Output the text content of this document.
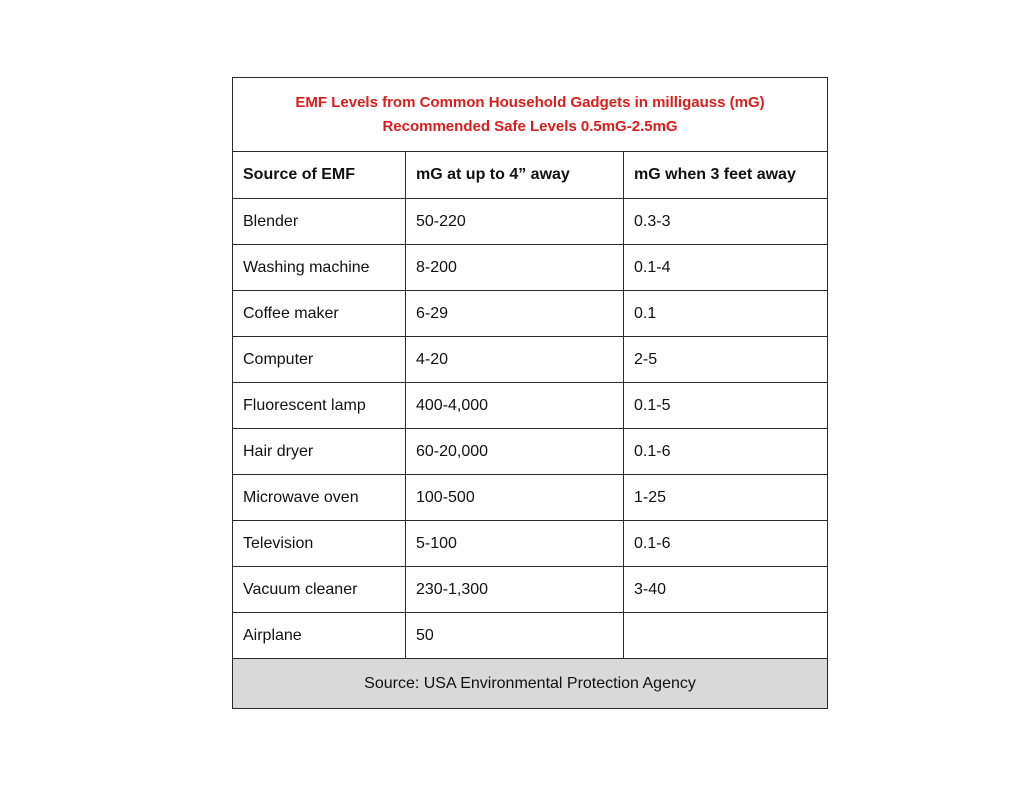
EMF Levels from Common Household Gadgets in milligauss (mG)
Recommended Safe Levels 0.5mG-2.5mG		

Source of EMF	mG at up to 4” away	mG when 3 feet away
Blender	50-220	0.3-3
Washing machine	8-200	0.1-4
Coffee maker	6-29	0.1
Computer	4-20	2-5
Fluorescent lamp	400-4,000	0.1-5
Hair dryer	60-20,000	0.1-6
Microwave oven	100-500	1-25
Television	5-100	0.1-6
Vacuum cleaner	230-1,300	3-40
Airplane	50	
Source: USA Environmental Protection Agency		
